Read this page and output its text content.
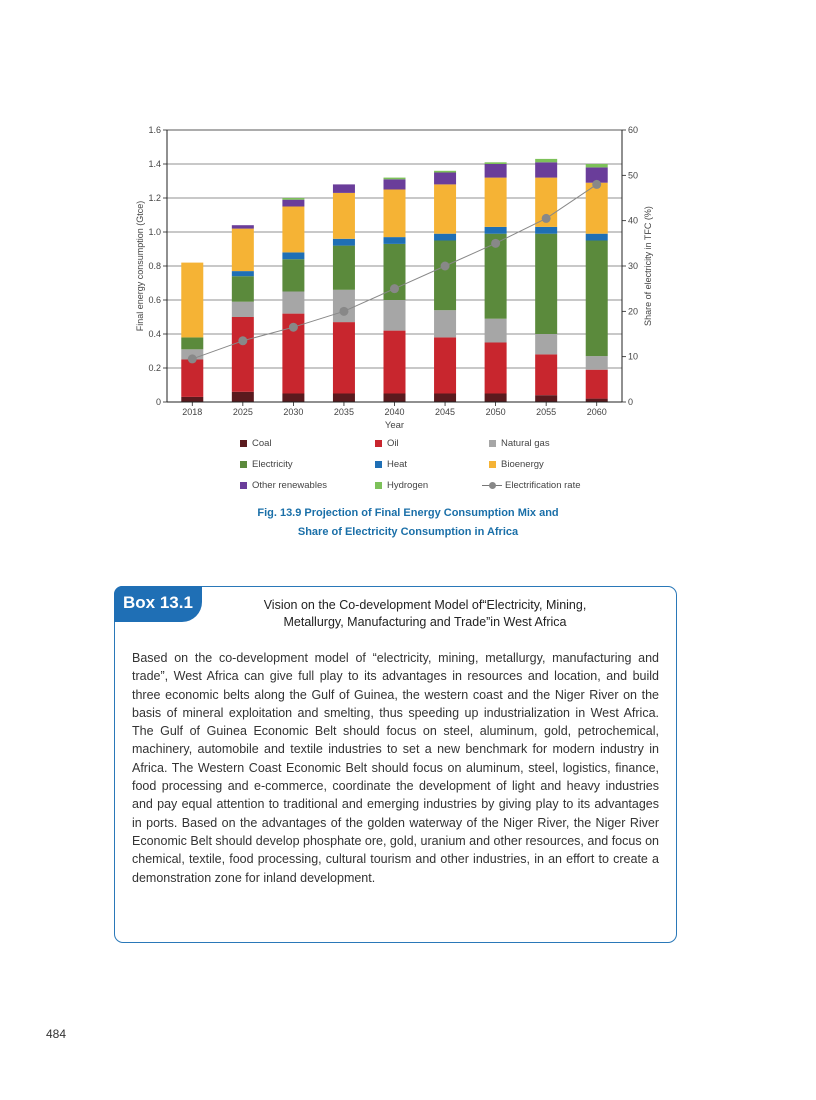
0
0.2
0.4
0.6
0.8
1.0
1.2
1.4
1.6
0
10
20
30
40
50
60
2018	2025	2030	2035	2040	2045	2050	2055	2060
Year
Final energy consumption (Gtce)	Share of electricity in TFC (%)
Coal	Oil	Natural gas
Electricity	Heat	Bioenergy
Other renewables	Hydrogen	Electrification rate
Fig. 13.9 Projection of Final Energy Consumption Mix and
Share of Electricity Consumption in Africa
Box 13.1	Vision on the Co-development Model of“Electricity, Mining,
Metallurgy, Manufacturing and Trade”in West Africa
Based on the co-development model of “electricity, mining, metallurgy, manufacturing and trade”, West Africa can give full play to its advantages in resources and location, and build three economic belts along the Gulf of Guinea, the western coast and the Niger River on the basis of mineral exploitation and smelting, thus speeding up industrialization in West Africa. The Gulf of Guinea Economic Belt should focus on steel, aluminum, gold, petrochemical, machinery, automobile and textile industries to set a new benchmark for modern industry in Africa. The Western Coast Economic Belt should focus on aluminum, steel, logistics, finance, food processing and e-commerce, coordinate the development of light and heavy industries and pay equal attention to traditional and emerging industries by giving play to its advantages in ports. Based on the advantages of the golden waterway of the Niger River, the Niger River Economic Belt should develop phosphate ore, gold, uranium and other resources, and focus on chemical, textile, food processing, cultural tourism and other industries, in an effort to create a demonstration zone for inland development.
484
